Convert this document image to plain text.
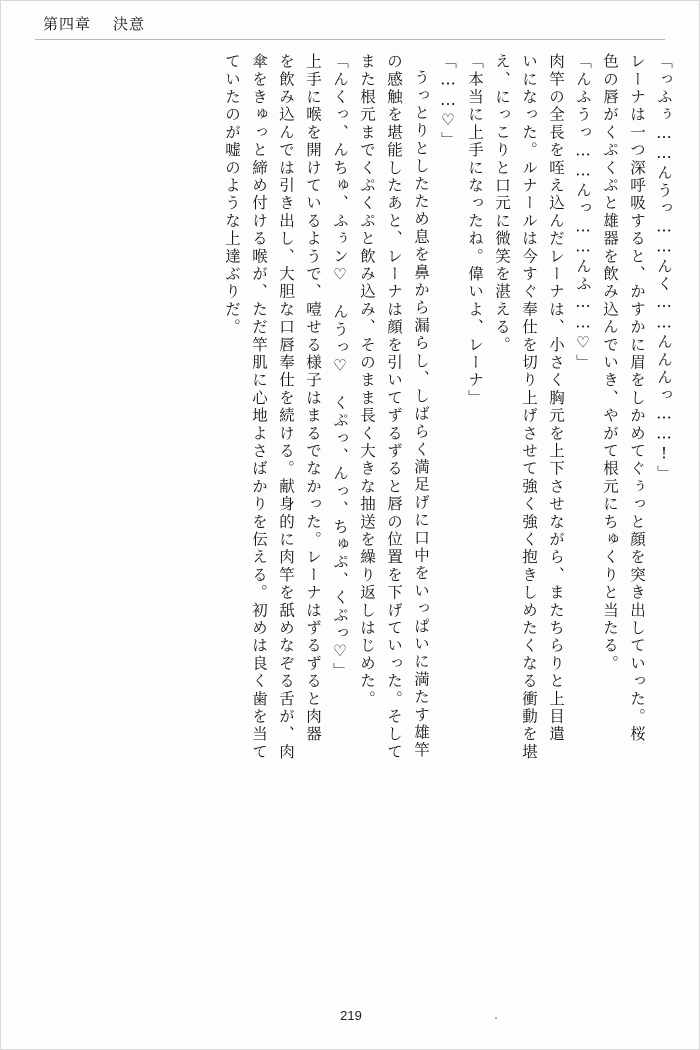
第四章 決意
「っふぅ……んうっ……んく……んんんっ……!」
レーナは一つ深呼吸すると、かすかに眉をしかめてぐぅっと顔を突き出していった。桜
色の唇がくぷくぷと雄器を飲み込んでいき、やがて根元にちゅくりと当たる。
「んふうっ……んっ……んふ……♡」
肉竿の全長を咥え込んだレーナは、小さく胸元を上下させながら、またちらりと上目遣
いになった。ルナールは今すぐ奉仕を切り上げさせて強く強く抱きしめたくなる衝動を堪
え、にっこりと口元に微笑を湛える。
「本当に上手になったね。偉いよ、レーナ」
「……♡」
うっとりとしたため息を鼻から漏らし、しばらく満足げに口中をいっぱいに満たす雄竿
の感触を堪能したあと、レーナは顔を引いてずるずると唇の位置を下げていった。そして
また根元までくぷくぷと飲み込み、そのまま長く大きな抽送を繰り返しはじめた。
「んくっ、んちゅ、ふぅン♡　んうっ♡　くぷっ、んっ、ちゅぷ、くぷっ♡」
上手に喉を開けているようで、噎せる様子はまるでなかった。レーナはずるずると肉器
を飲み込んでは引き出し、大胆な口唇奉仕を続ける。献身的に肉竿を舐めなぞる舌が、肉
傘をきゅっと締め付ける喉が、ただ竿肌に心地よさばかりを伝える。初めは良く歯を当て
ていたのが嘘のような上達ぶりだ。
219
